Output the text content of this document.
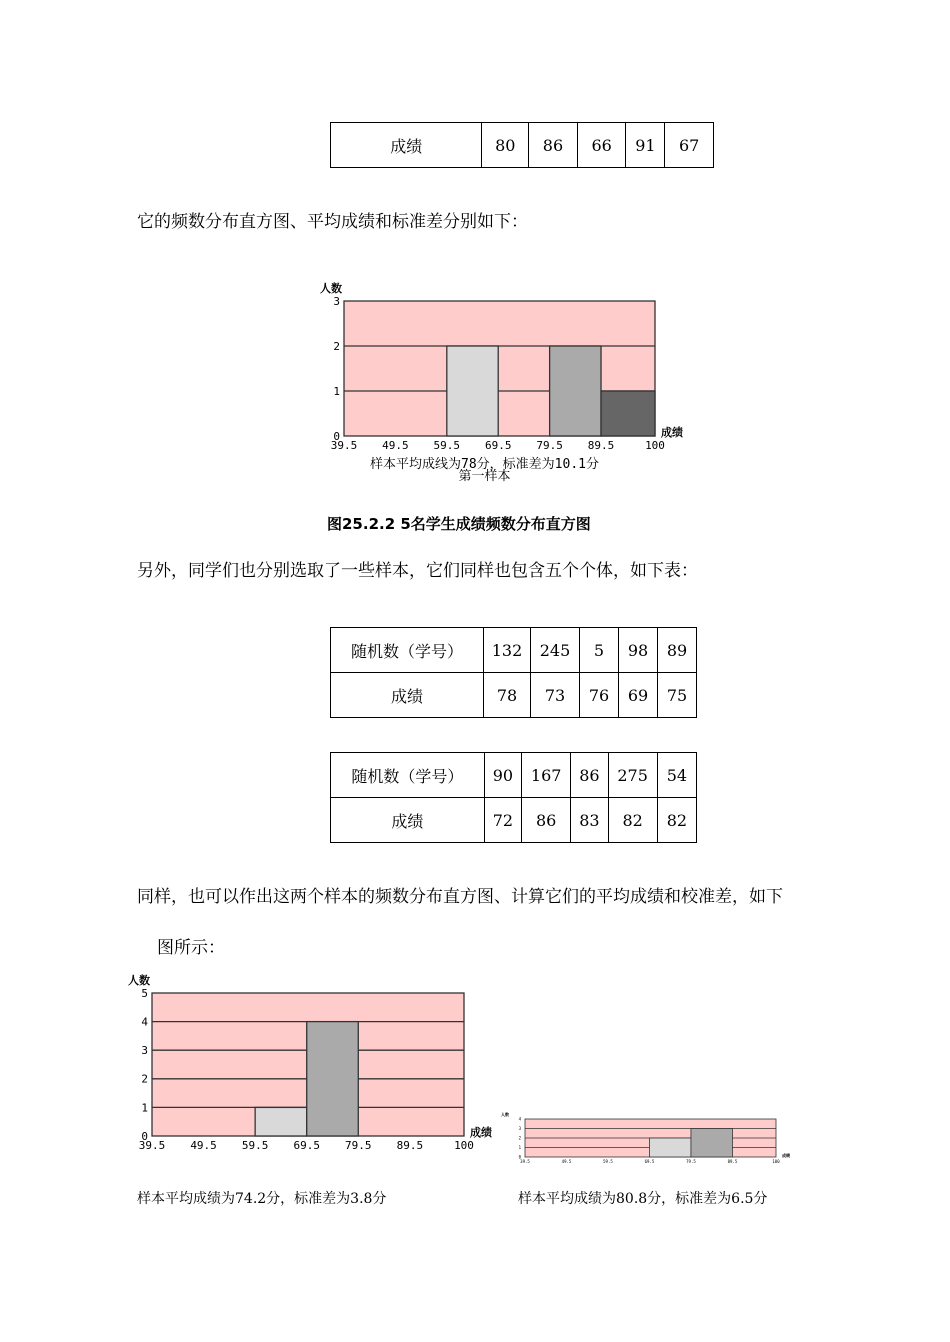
成绩	80	86	66	91	67
它的频数分布直方图、平均成绩和标准差分别如下：
人数
0
1
2
3
39.5 49.5 59.5 69.5 79.5 89.5	100
成绩
样本平均成线为78分，标准差为10.1分
第一样本
图25.2.2 5名学生成绩频数分布直方图
另外，同学们也分别选取了一些样本，它们同样也包含五个个体，如下表：
随机数（学号）	132	245	5	98	89
成绩	78	73	76	69	75
随机数（学号）	90	167	86	275	54
成绩	72	86	83	82	82
同样，也可以作出这两个样本的频数分布直方图、计算它们的平均成绩和校准差，如下
图所示：
人数
0
1
2
3
4
5
39.5 49.5 59.5 69.5 79.5 89.5	100
成绩
人数
0
1
2
3
4
39.5	49.5	59.5	69.5	79.5	89.5	100
成绩
样本平均成绩为74.2分，标准差为3.8分	样本平均成绩为80.8分，标准差为6.5分
